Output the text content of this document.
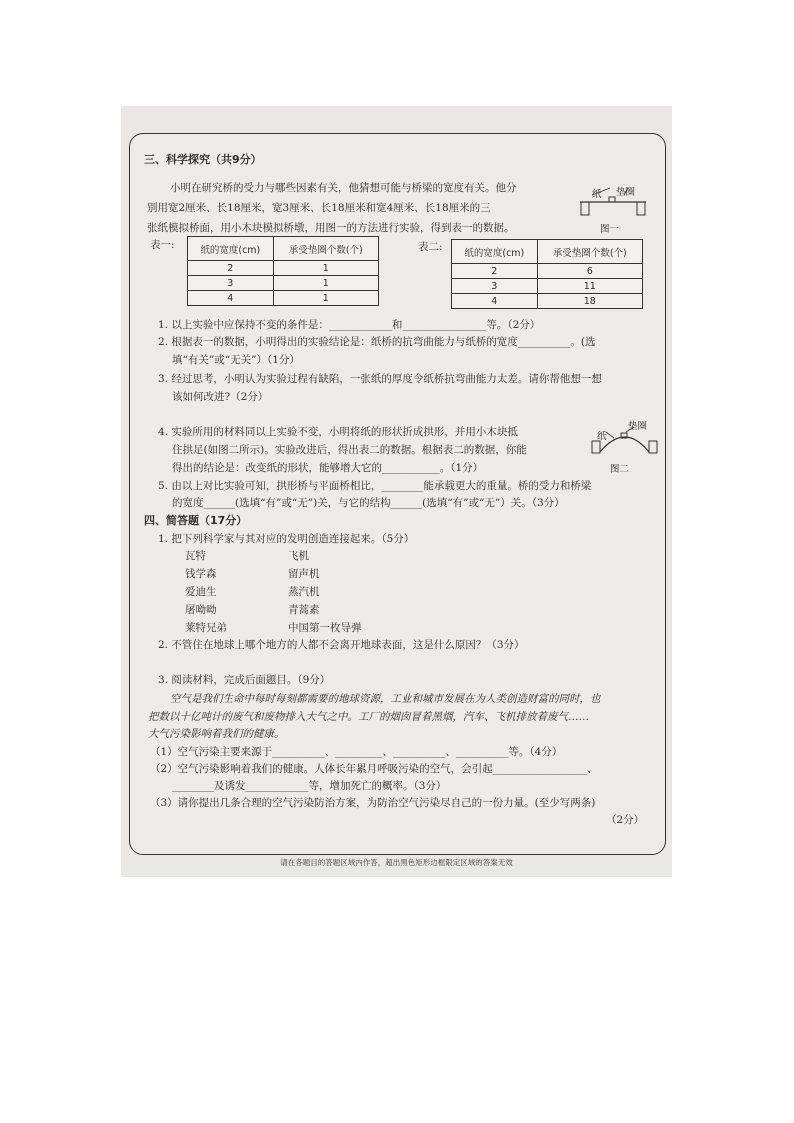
请在各题目的答题区域内作答，超出黑色矩形边框限定区域的答案无效
三、科学探究（共9分）
小明在研究桥的受力与哪些因素有关，他猜想可能与桥梁的宽度有关。他分
别用宽2厘米、长18厘米，宽3厘米、长18厘米和宽4厘米、长18厘米的三
张纸模拟桥面，用小木块模拟桥墩，用图一的方法进行实验，得到表一的数据。
纸 垫圈
图一
表一:	纸的宽度(cm)	承受垫圈个数(个)
2	1
3	1
4	1
表二: 纸的宽度(cm)	承受垫圈个数(个)
2	6
3	11
4	18
1. 以上实验中应保持不变的条件是：____________和________________等。（2分）
2. 根据表一的数据，小明得出的实验结论是：纸桥的抗弯曲能力与纸桥的宽度__________。(选
填“有关”或“无关”）（1分）
3. 经过思考，小明认为实验过程有缺陷，一张纸的厚度令纸桥抗弯曲能力太差。请你帮他想一想
该如何改进?（2分）
4. 实验所用的材料同以上实验不变，小明将纸的形状折成拱形，并用小木块抵
住拱足(如图二所示)。实验改进后，得出表二的数据。根据表二的数据，你能
得出的结论是：改变纸的形状，能够增大它的___________。（1分）
纸
垫圈
图二
5. 由以上对比实验可知，拱形桥与平面桥相比，________能承载更大的重量。桥的受力和桥梁
的宽度______(选填“有”或“无”)关，与它的结构______(选填“有”或“无”）关。（3分）
四、简答题（17分）
1. 把下列科学家与其对应的发明创造连接起来。（5分）
瓦特
钱学森
爱迪生
屠呦呦
莱特兄弟
飞机
留声机
蒸汽机
青蒿素
中国第一枚导弹
2. 不管住在地球上哪个地方的人都不会离开地球表面，这是什么原因？（3分）
3. 阅读材料，完成后面题目。（9分）
空气是我们生命中每时每刻都需要的地球资源，工业和城市发展在为人类创造财富的同时，也
把数以十亿吨计的废气和废物排入大气之中。工厂的烟囱冒着黑烟，汽车、飞机排放着废气……
大气污染影响着我们的健康。
（1）空气污染主要来源于__________、_________、__________、__________等。（4分）
（2）空气污染影响着我们的健康。人体长年累月呼吸污染的空气，会引起__________________、
________及诱发____________等，增加死亡的概率。（3分）
（3）请你提出几条合理的空气污染防治方案，为防治空气污染尽自己的一份力量。(至少写两条)
（2分）
